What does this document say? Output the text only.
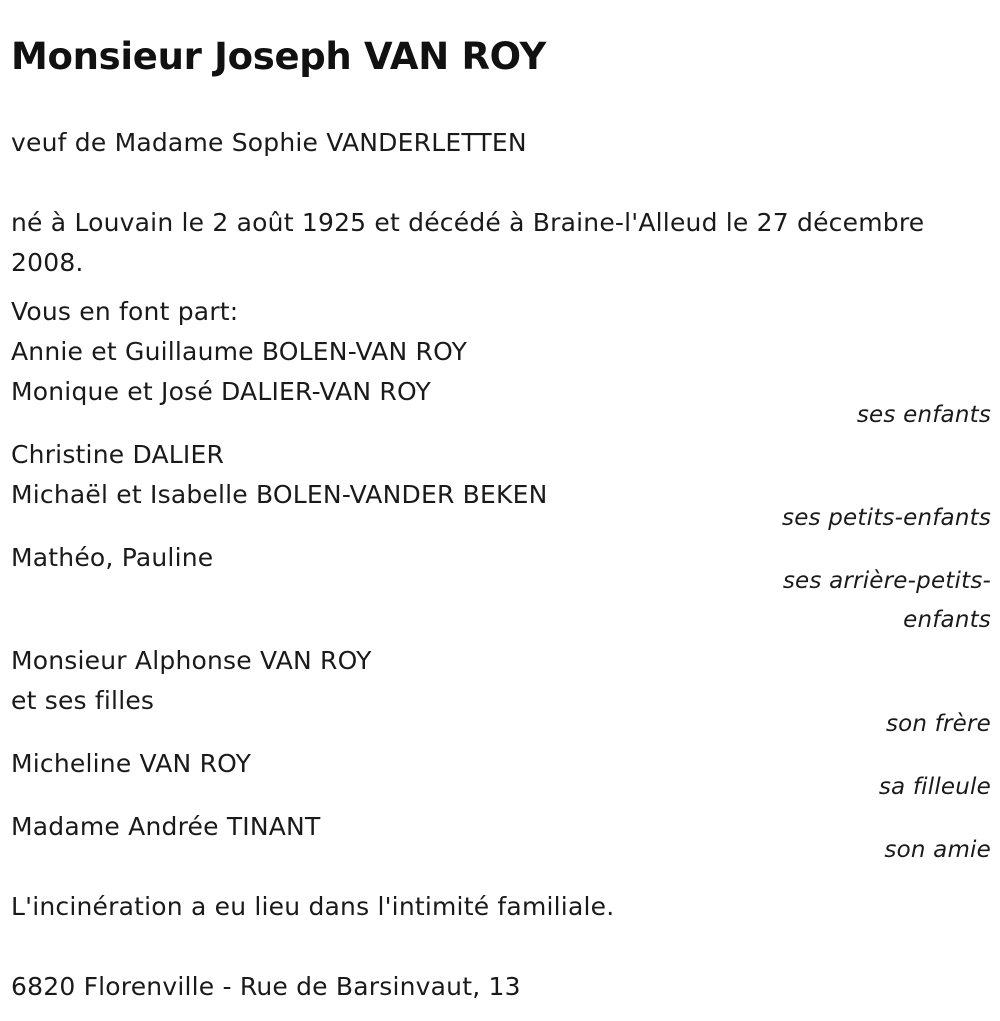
Monsieur Joseph VAN ROY
veuf de Madame Sophie VANDERLETTEN
né à Louvain le 2 août 1925 et décédé à Braine-l'Alleud le 27 décembre 2008.
Vous en font part:
Annie et Guillaume BOLEN-VAN ROY
Monique et José DALIER-VAN ROY
ses enfants
Christine DALIER
Michaël et Isabelle BOLEN-VANDER BEKEN
ses petits-enfants
Mathéo, Pauline
ses arrière-petits-enfants
Monsieur Alphonse VAN ROY
et ses filles
son frère
Micheline VAN ROY
sa filleule
Madame Andrée TINANT
son amie
L'incinération a eu lieu dans l'intimité familiale.
6820 Florenville - Rue de Barsinvaut, 13
